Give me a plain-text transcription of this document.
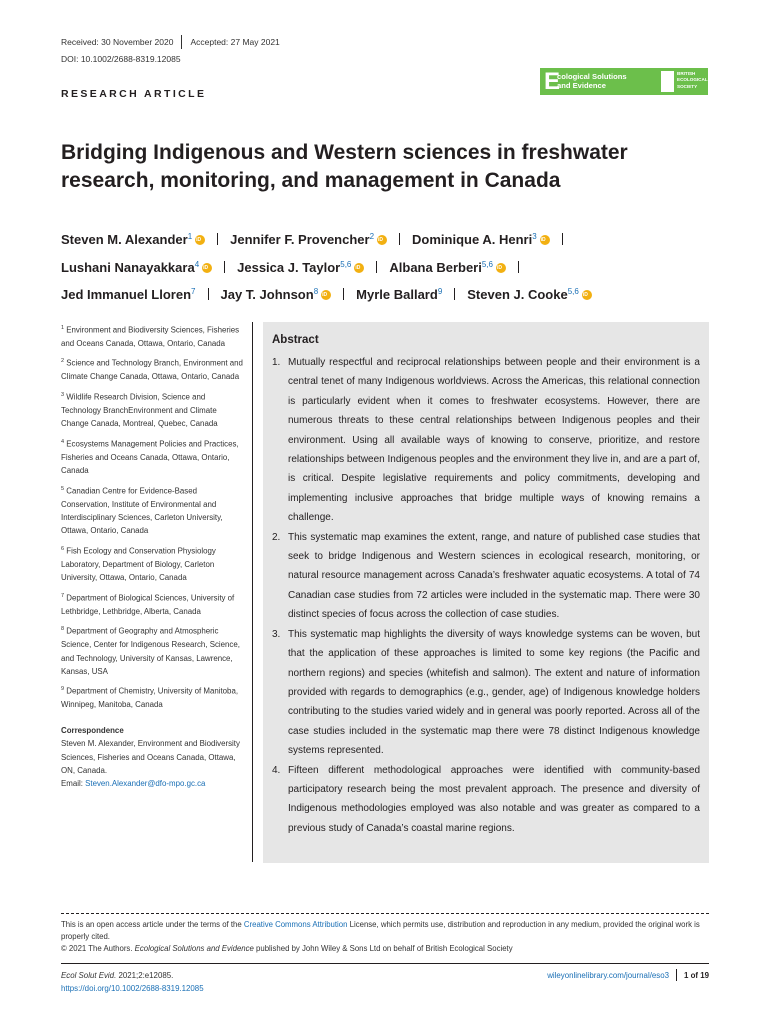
Received: 30 November 2020 Accepted: 27 May 2021
DOI: 10.1002/2688-8319.12085
RESEARCH ARTICLE	E
cological Solutions
and Evidence
BRITISH
ECOLOGICAL
SOCIETY
Bridging Indigenous and Western sciences in freshwater research, monitoring, and management in Canada
Steven M. Alexander$^1$ iD	Jennifer F. Provencher$^2$ iD	Dominique A. Henri$^3$iD
Lushani Nanayakkara$^4$ iD	Jessica J. Taylor$^{5,6}$ iD	Albana Berberi$^{5,6}$iD
Jed Immanuel Lloren$^7$ Jay T. Johnson$^8$ iD	Myrle Ballard$^9$ Steven J. Cooke$^{5,6}$iD

$^1$ Environment and Biodiversity Sciences, Fisheries and Oceans Canada, Ottawa, Ontario, Canada

$^2$ Science and Technology Branch, Environment and Climate Change Canada, Ottawa, Ontario, Canada

$^3$ Wildlife Research Division, Science and Technology BranchEnvironment and Climate Change Canada, Montreal, Quebec, Canada

$^4$ Ecosystems Management Policies and Practices, Fisheries and Oceans Canada, Ottawa, Ontario, Canada

$^5$ Canadian Centre for Evidence-Based Conservation, Institute of Environmental and Interdisciplinary Sciences, Carleton University, Ottawa, Ontario, Canada

$^6$ Fish Ecology and Conservation Physiology Laboratory, Department of Biology, Carleton University, Ottawa, Ontario, Canada

$^7$ Department of Biological Sciences, University of Lethbridge, Lethbridge, Alberta, Canada

$^8$ Department of Geography and Atmospheric Science, Center for Indigenous Research, Science, and Technology, University of Kansas, Lawrence, Kansas, USA

$^9$ Department of Chemistry, University of Manitoba, Winnipeg, Manitoba, Canada

Correspondence

Steven M. Alexander, Environment and Biodiversity Sciences, Fisheries and Oceans Canada, Ottawa, ON, Canada.

Email: Steven.Alexander@dfo-mpo.gc.ca

Abstract
1. Mutually respectful and reciprocal relationships between people and their environment is a central tenet of many Indigenous worldviews. Across the Americas, this relational connection is particularly evident when it comes to freshwater ecosystems. However, there are numerous threats to these central relationships between Indigenous peoples and their environment. Using all available ways of knowing to conserve, prioritize, and restore relationships between Indigenous peoples and the environment they live in, and are a part of, is critical. Despite legislative requirements and policy commitments, developing and implementing inclusive approaches that bridge multiple ways of knowing remains a challenge.
2. This systematic map examines the extent, range, and nature of published case studies that seek to bridge Indigenous and Western sciences in ecological research, monitoring, or natural resource management across Canada’s freshwater aquatic ecosystems. A total of 74 Canadian case studies from 72 articles were included in the systematic map. There were 30 distinct species of focus across the collection of case studies.
3. This systematic map highlights the diversity of ways knowledge systems can be woven, but that the application of these approaches is limited to some key regions (the Pacific and northern regions) and species (whitefish and salmon). The extent and nature of information provided with regards to demographics (e.g., gender, age) of Indigenous knowledge holders contributing to the studies varied widely and in general was poorly reported. Across all of the case studies included in the systematic map there were 78 distinct Indigenous knowledge systems represented.
4. Fifteen different methodological approaches were identified with community-based participatory research being the most prevalent approach. The presence and diversity of Indigenous methodologies employed was also notable and was greater as compared to a previous study of Canada’s coastal marine regions.

This is an open access article under the terms of the Creative Commons Attribution License, which permits use, distribution and reproduction in any medium, provided the original work is properly cited.

© 2021 The Authors. Ecological Solutions and Evidence published by John Wiley & Sons Ltd on behalf of British Ecological Society

Ecol Solut Evid. 2021;2:e12085.

https://doi.org/10.1002/2688-8319.12085
wileyonlinelibrary.com/journal/eso3 1 of 19
